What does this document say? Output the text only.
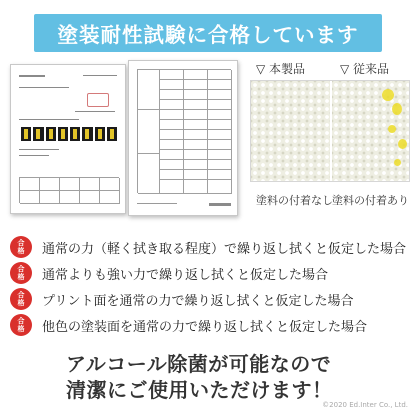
塗装耐性試験に合格しています
▽ 本製品	▽ 従来品
塗料の付着なし 塗料の付着あり
合
格 通常の力（軽く拭き取る程度）で繰り返し拭くと仮定した場合
合
格 通常よりも強い力で繰り返し拭くと仮定した場合
合
格 プリント面を通常の力で繰り返し拭くと仮定した場合
合
格 他色の塗装面を通常の力で繰り返し拭くと仮定した場合
アルコール除菌が可能なので
清潔にご使用いただけます！
©2020 Ed.Inter Co., Ltd.
